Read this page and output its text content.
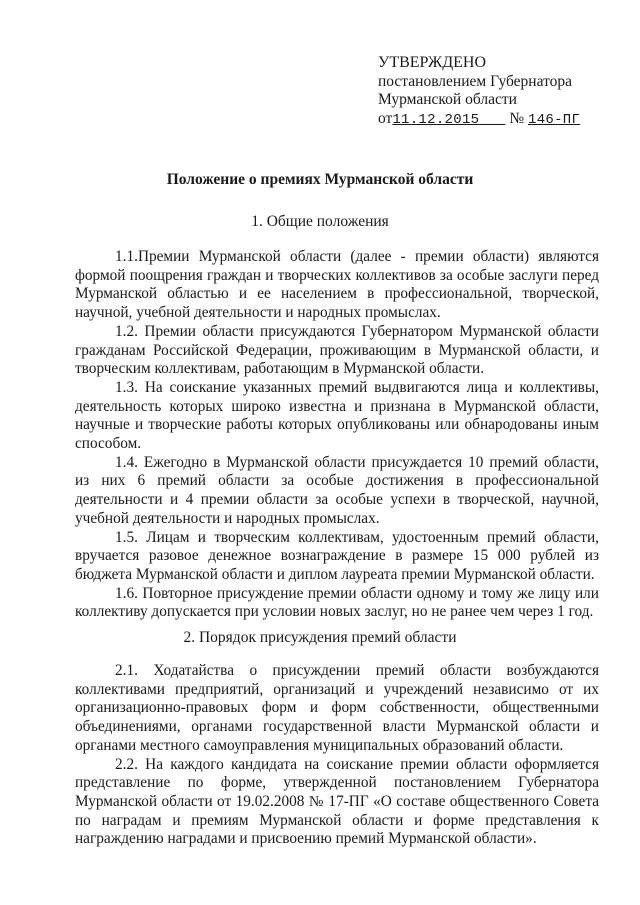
УТВЕРЖДЕНО
постановлением Губернатора
Мурманской области
от11.12.2015___ № 146-ПГ
Положение о премиях Мурманской области
1. Общие положения

1.1.Премии Мурманской области (далее - премии области) являются формой поощрения граждан и творческих коллективов за особые заслуги перед Мурманской областью и ее населением в профессиональной, творческой, научной, учебной деятельности и народных промыслах.

1.2. Премии области присуждаются Губернатором Мурманской области гражданам Российской Федерации, проживающим в Мурманской области, и творческим коллективам, работающим в Мурманской области.

1.3. На соискание указанных премий выдвигаются лица и коллективы, деятельность которых широко известна и признана в Мурманской области, научные и творческие работы которых опубликованы или обнародованы иным способом.

1.4. Ежегодно в Мурманской области присуждается 10 премий области, из них 6 премий области за особые достижения в профессиональной деятельности и 4 премии области за особые успехи в творческой, научной, учебной деятельности и народных промыслах.

1.5. Лицам и творческим коллективам, удостоенным премий области, вручается разовое денежное вознаграждение в размере 15 000 рублей из бюджета Мурманской области и диплом лауреата премии Мурманской области.

1.6. Повторное присуждение премии области одному и тому же лицу или коллективу допускается при условии новых заслуг, но не ранее чем через 1 год.

2. Порядок присуждения премий области

2.1. Ходатайства о присуждении премий области возбуждаются коллективами предприятий, организаций и учреждений независимо от их организационно-правовых форм и форм собственности, общественными объединениями, органами государственной власти Мурманской области и органами местного самоуправления муниципальных образований области.

2.2. На каждого кандидата на соискание премии области оформляется представление по форме, утвержденной постановлением Губернатора Мурманской области от 19.02.2008 № 17-ПГ «О составе общественного Совета по наградам и премиям Мурманской области и форме представления к награждению наградами и присвоению премий Мурманской области».
